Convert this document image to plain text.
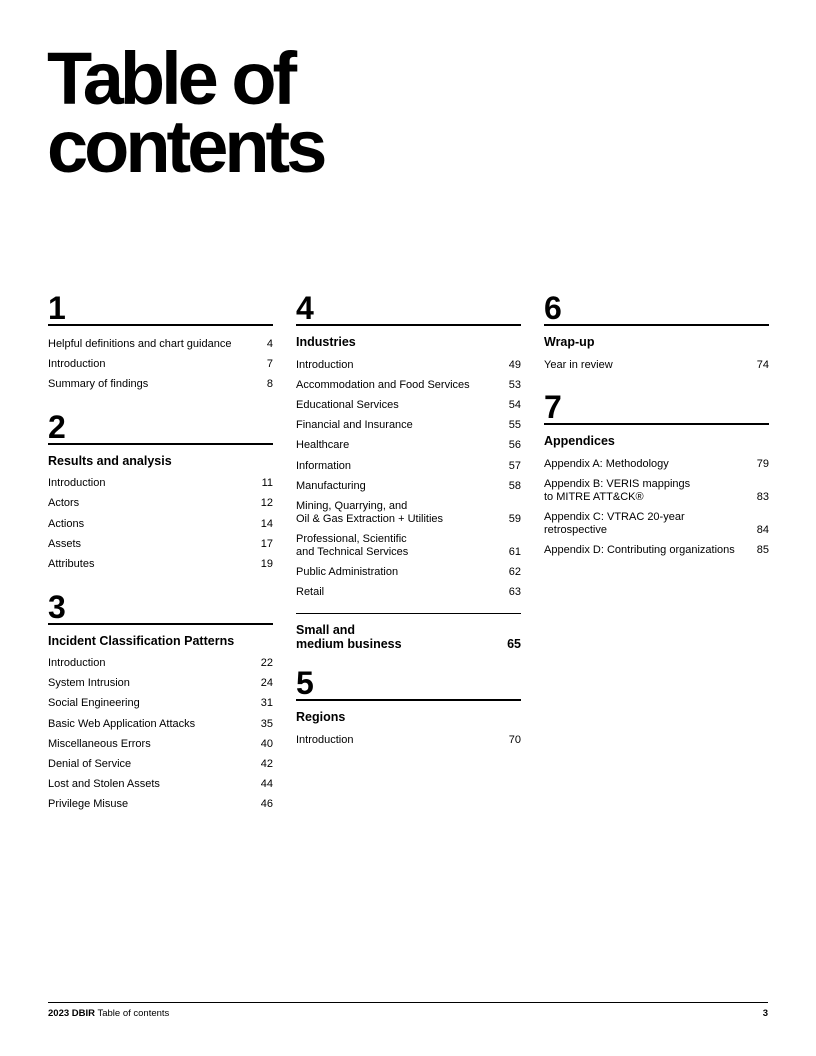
Table of
contents
1
Helpful definitions and chart guidance	4
Introduction	7
Summary of findings	8
2
Results and analysis
Introduction	11
Actors	12
Actions	14
Assets	17
Attributes	19
3
Incident Classification Patterns
Introduction	22
System Intrusion	24
Social Engineering	31
Basic Web Application Attacks	35
Miscellaneous Errors	40
Denial of Service	42
Lost and Stolen Assets	44
Privilege Misuse	46
4
Industries
Introduction	49
Accommodation and Food Services	53
Educational Services	54
Financial and Insurance	55
Healthcare	56
Information	57
Manufacturing	58
Mining, Quarrying, and
Oil & Gas Extraction + Utilities	59
Professional, Scientific
and Technical Services	61
Public Administration	62
Retail	63
Small and
medium business	65
5
Regions
Introduction	70
6
Wrap-up
Year in review	74
7
Appendices
Appendix A: Methodology	79
Appendix B: VERIS mappings
to MITRE ATT&CK®	83
Appendix C: VTRAC 20-year
retrospective	84
Appendix D: Contributing organizations 85
2023 DBIR Table of contents	3
